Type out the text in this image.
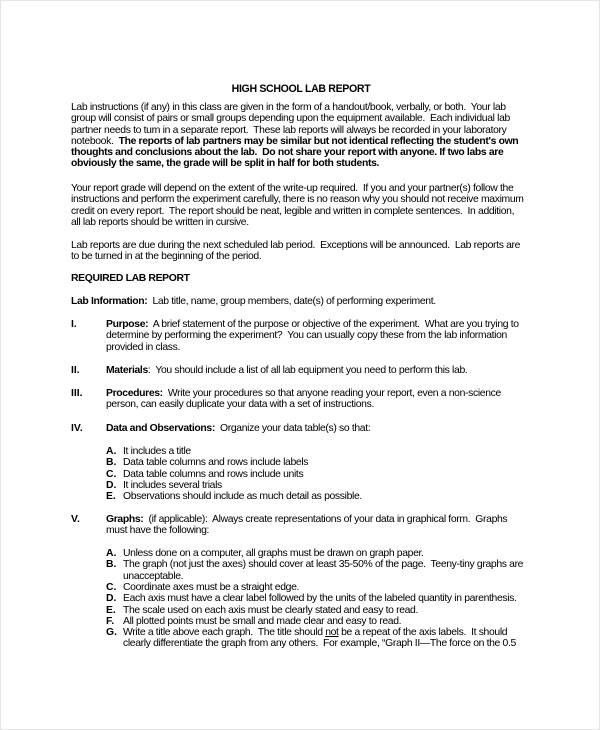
HIGH SCHOOL LAB REPORT
Lab instructions (if any) in this class are given in the form of a handout/book, verbally, or both.  Your lab
group will consist of pairs or small groups depending upon the equipment available.  Each individual lab
partner needs to turn in a separate report.  These lab reports will always be recorded in your laboratory
notebook.  The reports of lab partners may be similar but not identical reflecting the student's own
thoughts and conclusions about the lab.  Do not share your report with anyone. If two labs are
obviously the same, the grade will be split in half for both students.
Your report grade will depend on the extent of the write-up required.  If you and your partner(s) follow the
instructions and perform the experiment carefully, there is no reason why you should not receive maximum
credit on every report.  The report should be neat, legible and written in complete sentences.  In addition,
all lab reports should be written in cursive.
Lab reports are due during the next scheduled lab period.  Exceptions will be announced.  Lab reports are
to be turned in at the beginning of the period.
REQUIRED LAB REPORT
Lab Information:  Lab title, name, group members, date(s) of performing experiment.
I.	Purpose:  A brief statement of the purpose or objective of the experiment.  What are you trying to
determine by performing the experiment?  You can usually copy these from the lab information
provided in class.
II.	Materials:  You should include a list of all lab equipment you need to perform this lab.
III. Procedures:  Write your procedures so that anyone reading your report, even a non-science
person, can easily duplicate your data with a set of instructions.
IV. Data and Observations:  Organize your data table(s) so that:
A. It includes a title
B. Data table columns and rows include labels
C. Data table columns and rows include units
D. It includes several trials
E. Observations should include as much detail as possible.
V.	Graphs:  (if applicable):  Always create representations of your data in graphical form.  Graphs
must have the following:
A. Unless done on a computer, all graphs must be drawn on graph paper.
B. The graph (not just the axes) should cover at least 35-50% of the page.  Teeny-tiny graphs are
unacceptable.
C. Coordinate axes must be a straight edge.
D. Each axis must have a clear label followed by the units of the labeled quantity in parenthesis.
E. The scale used on each axis must be clearly stated and easy to read.
F. All plotted points must be small and made clear and easy to read.
G. Write a title above each graph.  The title should not be a repeat of the axis labels.  It should
clearly differentiate the graph from any others.  For example, “Graph II—The force on the 0.5
